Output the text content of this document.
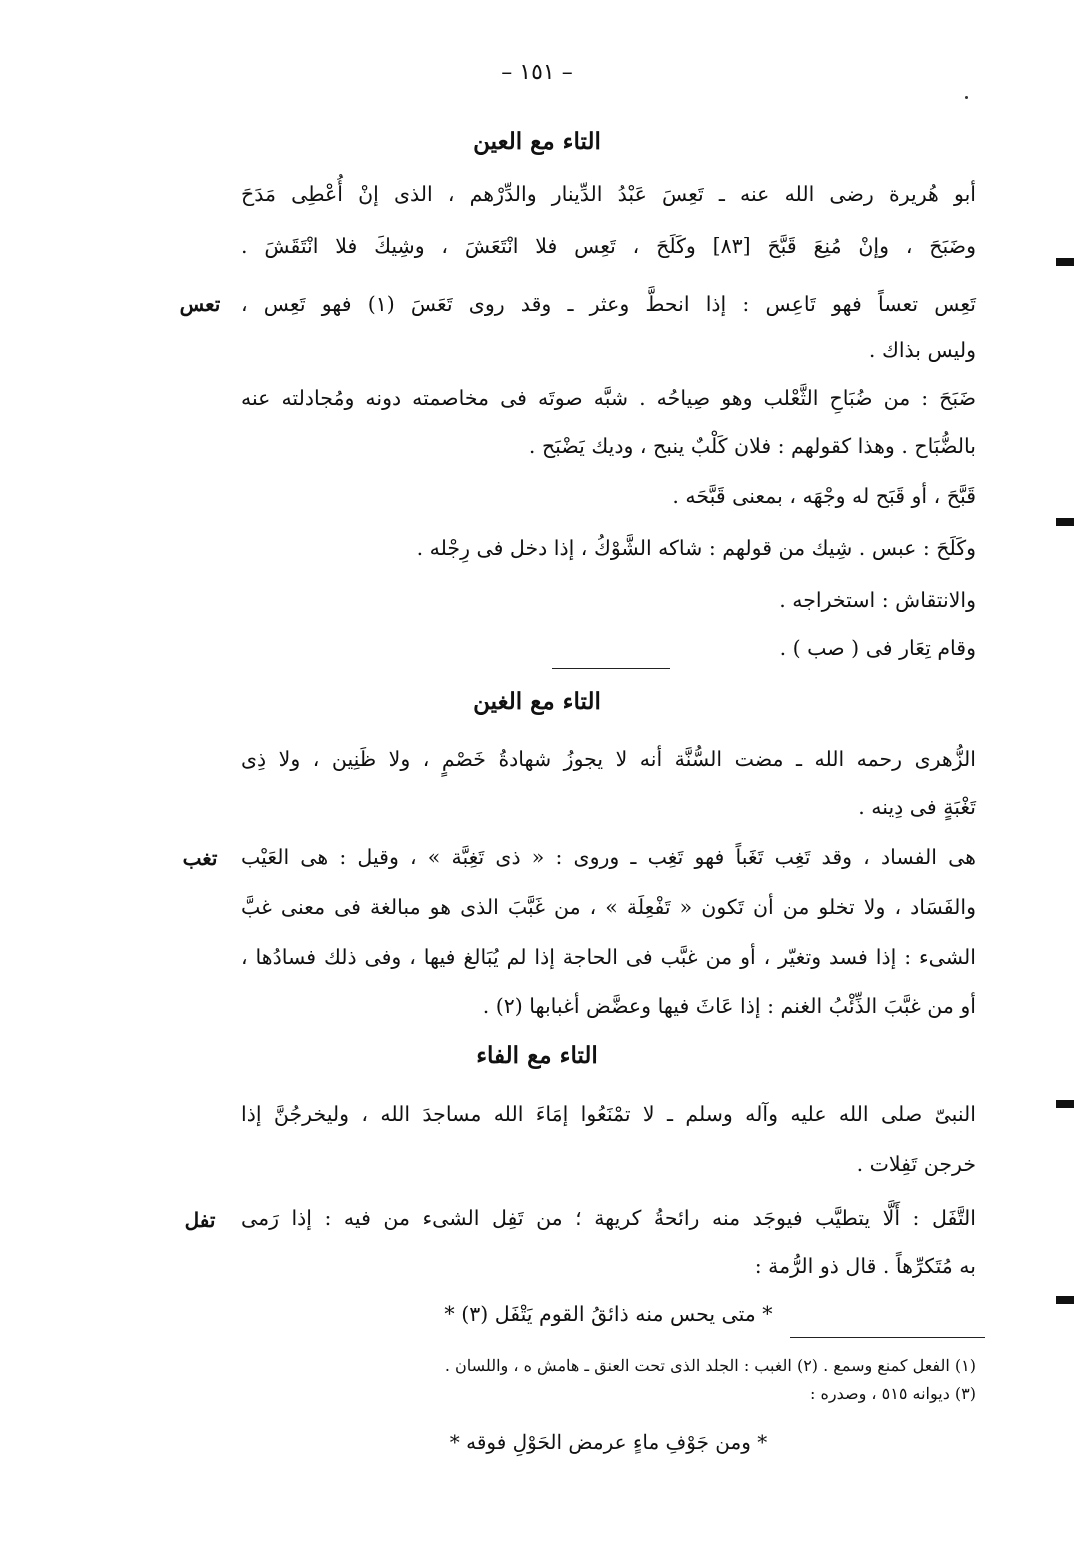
– ١٥١ –
التاء مع العين
أبو هُريرة رضى الله عنه ـ تَعِسَ عَبْدُ الدِّينار والدِّرْهم ، الذى إنْ أُعْطِى مَدَحَ
وضَبَحَ ، وإنْ مُنِعَ قَبَّحَ [٨٣] وكَلَحَ ، تَعِس فلا انْتَعَشَ ، وشِيكَ فلا انْتَقَشَ .
تَعِس تعساً فهو تَاعِس : إذا انحطَّ وعثر ـ وقد روى تَعَسَ (١) فهو تَعِس ،
وليس بذاك .
تعس
ضَبَحَ : من ضُبَاحِ الثَّعْلب وهو صِياحُه . شبَّه صوتَه فى مخاصمته دونه ومُجادلته عنه
بالضُّبَاح . وهذا كقولهم : فلان كَلْبٌ ينبح ، وديك يَضْبَح .
قَبَّحَ ، أو قَبَح له وجْهَه ، بمعنى قَبَّحَه .
وكَلَحَ : عبس . شِيك من قولهم : شاكه الشَّوْكُ ، إذا دخل فى رِجْله .
والانتقاش : استخراجه .
وقام تِعَار فى ( صب ) .
التاء مع الغين
الزُّهرى رحمه الله ـ مضت السُّنَّة أنه لا يجوزُ شهادةُ خَصْمٍ ، ولا ظَنِين ، ولا ذِى
تَغْبَةٍ فى دِينه .
هى الفساد ، وقد تَغِب تَغَباً فهو تَغِب ـ وروى : « ذى تَغِبَّة » ، وقيل : هى العَيْب
تغب
والفَسَاد ، ولا تخلو من أن تَكون « تَفْعِلَة » ، من غَبَّبَ الذى هو مبالغة فى معنى غبَّ
الشىء : إذا فسد وتغيّر ، أو من غبَّب فى الحاجة إذا لم يُبَالغ فيها ، وفى ذلك فسادُها ،
أو من غبَّبَ الذِّئْبُ الغنم : إذا عَاثَ فيها وعضَّض أغبابها (٢) .
التاء مع الفاء
النبىّ صلى الله عليه وآله وسلم ـ لا تمْنَعُوا إمَاءَ الله مساجدَ الله ، وليخرجُنَّ إذا
خرجن تَفِلات .
التَّفَل : أَلَّا يتطيَّب فيوجَد منه رائحةُ كريهة ؛ من تَفِل الشىء من فيه : إذا رَمى
تفل
به مُتَكرِّهاً . قال ذو الرُّمة :
* متى يحس منه ذائقُ القوم يَتْفَل (٣) *
(١) الفعل كمنع وسمع . (٢) الغبب : الجلد الذى تحت العنق ـ هامش ه ، واللسان .
(٣) ديوانه ٥١٥ ، وصدره :
* ومن جَوْفِ ماءٍ عرمض الحَوْلِ فوقه *
